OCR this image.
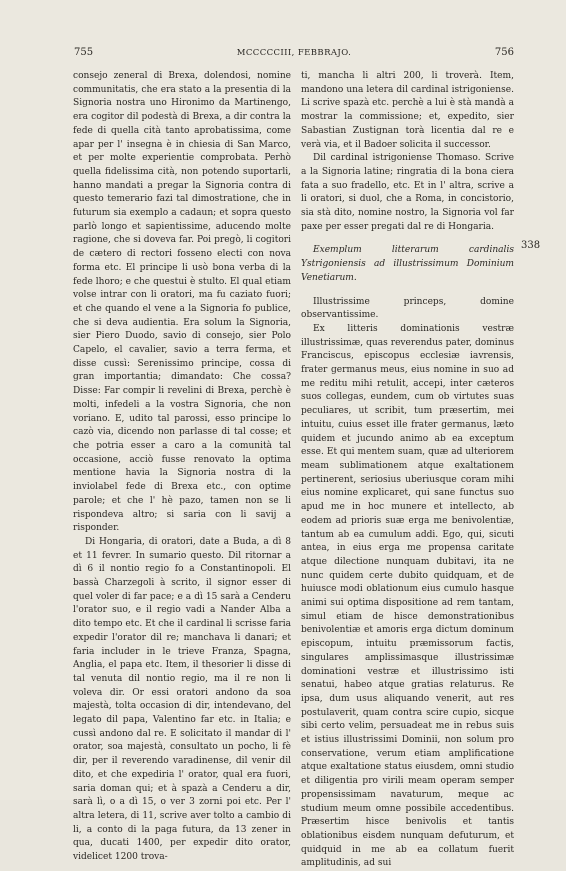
755	MCCCCCIII, FEBBRAJO.	756

consejo zeneral di Brexa, dolendosi, nomine communitatis, che era stato a la presentia di la Signoria nostra uno Hironimo da Martinengo, era cogitor dil podestà di Brexa, a dir contra la fede di quella cità tanto aprobatissima, come apar per l' insegna è in chiesia di San Marco, et per molte experientie comprobata. Perhò quella fidelissima cità, non potendo suportarli, hanno mandati a pregar la Signoria contra di questo temerario fazi tal dimostratione, che in futurum sia exemplo a cadaun; et sopra questo parlò longo et sapientissime, aducendo molte ragione, che si doveva far. Poi pregò, li cogitori de cætero di rectori fosseno electi con nova forma etc. El principe li usò bona verba di la fede lhoro; e che questui è stulto. El qual etiam volse intrar con li oratori, ma fu caziato fuori; et che quando el vene a la Signoria fo publice, che si deva audientia. Era solum la Signoria, sier Piero Duodo, savio di consejo, sier Polo Capelo, el cavalier, savio a terra ferma, et disse cussì: Serenissimo principe, cossa di gran importantia; dimandato: Che cossa? Disse: Far compir li revelini di Brexa, perchè è molti, infedeli a la vostra Signoria, che non voriano. E, udito tal parossi, esso principe lo cazò via, dicendo non parlasse di tal cosse; et che potria esser a caro a la comunità tal occasione, acciò fusse renovato la optima mentione havia la Signoria nostra di la inviolabel fede di Brexa etc., con optime parole; et che l' hè pazo, tamen non se li rispondeva altro; si saria con li savij a risponder.

Di Hongaria, di oratori, date a Buda, a dì 8 et 11 fevrer. In sumario questo. Dil ritornar a dì 6 il nontio regio fo a Constantinopoli. El bassà Charzegoli à scrito, il signor esser di quel voler di far pace; e a dì 15 sarà a Cenderu l'orator suo, e il regio vadi a Nander Alba a dito tempo etc. Et che il cardinal li scrisse faria expedir l'orator dil re; manchava li danari; et faria includer in le trieve Franza, Spagna, Anglia, el papa etc. Item, il thesorier li disse di tal venuta dil nontio regio, ma il re non li voleva dir. Or essi oratori andono da soa majestà, tolta occasion di dir, intendevano, del legato dil papa, Valentino far etc. in Italia; e cussì andono dal re. E solicitato il mandar di l' orator, soa majestà, consultato un pocho, li fè dir, per il reverendo varadinense, dil venir dil dito, et che expediria l' orator, qual era fuori, saria doman qui; et à spazà a Cenderu a dir, sarà lì, o a dì 15, o ver 3 zorni poi etc. Per l' altra letera, di 11, scrive aver tolto a cambio di li, a conto di la paga futura, da 13 zener in qua, ducati 1400, per expedir dito orator, videlicet 1200 trova-

ti, mancha li altri 200, li troverà. Item, mandono una letera dil cardinal istrigoniense. Li scrive spazà etc. perchè a lui è stà mandà a mostrar la commissione; et, expedito, sier Sabastian Zustignan torà licentia dal re e verà via, et il Badoer solicita il successor.

Dil cardinal istrigoniense Thomaso. Scrive a la Signoria latine; ringratia di la bona ciera fata a suo fradello, etc. Et in l' altra, scrive a li oratori, si duol, che a Roma, in concistorio, sia stà dito, nomine nostro, la Signoria vol far paxe per esser pregati dal re di Hongaria.

Exemplum litterarum cardinalis Ystrigoniensis ad illustrissimum Dominium Venetiarum.

Illustrissime princeps, domine observantissime.

Ex litteris dominationis vestræ illustrissimæ, quas reverendus pater, dominus Franciscus, episcopus ecclesiæ iavrensis, frater germanus meus, eius nomine in suo ad me reditu mihi retulit, accepi, inter cæteros suos collegas, eundem, cum ob virtutes suas peculiares, ut scribit, tum præsertim, mei intuitu, cuius esset ille frater germanus, læto quidem et jucundo animo ab ea exceptum esse. Et qui mentem suam, quæ ad ulteriorem meam sublimationem atque exaltationem pertinerent, seriosius uberiusque coram mihi eius nomine explicaret, qui sane functus suo apud me in hoc munere et intellecto, ab eodem ad prioris suæ erga me benivolentiæ, tantum ab ea cumulum addi. Ego, qui, sicuti antea, in eius erga me propensa caritate atque dilectione nunquam dubitavi, ita ne nunc quidem certe dubito quidquam, et de huiusce modi oblationum eius cumulo hasque animi sui optima dispositione ad rem tantam, simul etiam de hisce demonstrationibus benivolentiæ et amoris erga dictum dominum episcopum, intuitu præmissorum factis, singulares amplissimasque illustrissimæ dominationi vestræ et illustrissimo isti senatui, habeo atque gratias relaturus. Re ipsa, dum usus aliquando venerit, aut res postulaverit, quam contra scire cupio, sicque sibi certo velim, persuadeat me in rebus suis et istius illustrissimi Dominii, non solum pro conservatione, verum etiam amplificatione atque exaltatione status eiusdem, omni studio et diligentia pro virili meam operam semper propensissimam navaturum, meque ac studium meum omne possibile accedentibus. Præsertim hisce benivolis et tantis oblationibus eisdem nunquam defuturum, et quidquid in me ab ea collatum fuerit amplitudinis, ad sui

338
